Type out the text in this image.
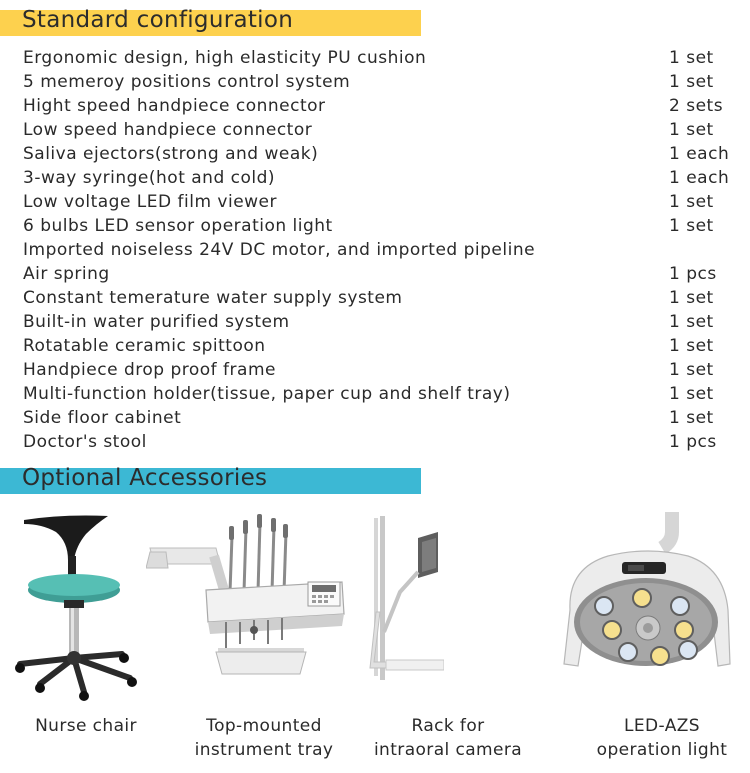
Standard configuration
Ergonomic design, high elasticity PU cushion	1 set
5 memeroy positions control system	1 set
Hight speed handpiece connector	2 sets
Low speed handpiece connector	1 set
Saliva ejectors(strong and weak)	1 each
3-way syringe(hot and cold)	1 each
Low voltage LED film viewer	1 set
6 bulbs LED sensor operation light	1 set
Imported noiseless 24V DC motor, and imported pipeline
Air spring	1 pcs
Constant temerature water supply system	1 set
Built-in water purified system	1 set
Rotatable ceramic spittoon	1 set
Handpiece drop proof frame	1 set
Multi-function holder(tissue, paper cup and shelf tray)	1 set
Side floor cabinet	1 set
Doctor's stool	1 pcs
Optional Accessories
Nurse chair	Top-mounted
instrument tray
Rack for
intraoral camera
LED-AZS
operation light
